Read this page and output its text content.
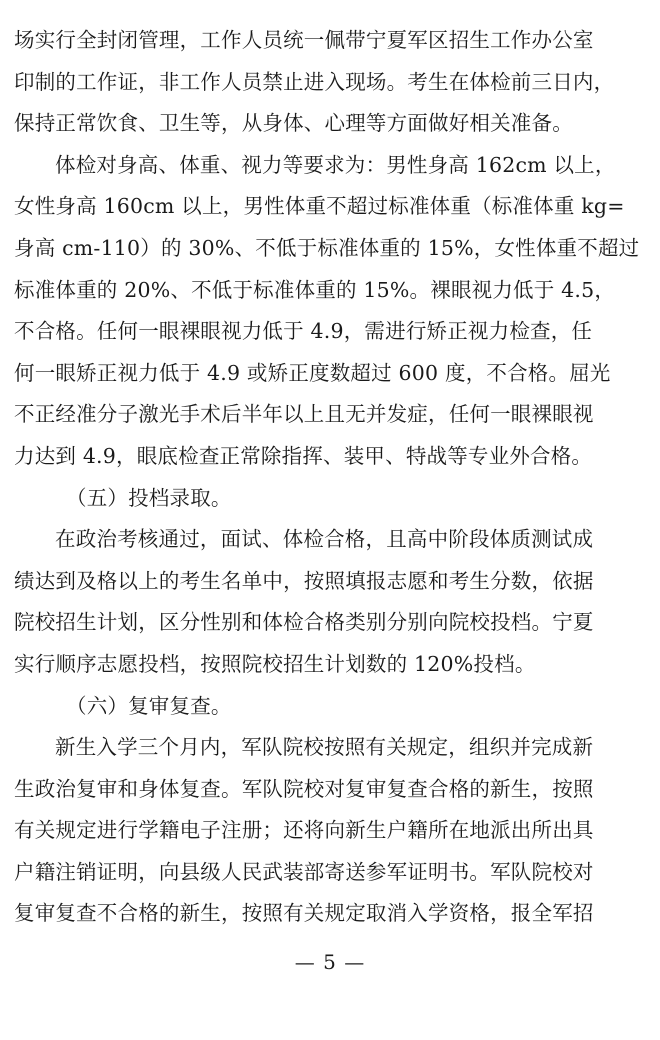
场实行全封闭管理，工作人员统一佩带宁夏军区招生工作办公室
印制的工作证，非工作人员禁止进入现场。考生在体检前三日内，
保持正常饮食、卫生等，从身体、心理等方面做好相关准备。
体检对身高、体重、视力等要求为：男性身高 162cm 以上，
女性身高 160cm 以上，男性体重不超过标准体重（标准体重 kg=
身高 cm-110）的 30%、不低于标准体重的 15%，女性体重不超过
标准体重的 20%、不低于标准体重的 15%。裸眼视力低于 4.5，
不合格。任何一眼裸眼视力低于 4.9，需进行矫正视力检查，任
何一眼矫正视力低于 4.9 或矫正度数超过 600 度，不合格。屈光
不正经准分子激光手术后半年以上且无并发症，任何一眼裸眼视
力达到 4.9，眼底检查正常除指挥、装甲、特战等专业外合格。
（五）投档录取。
在政治考核通过，面试、体检合格，且高中阶段体质测试成
绩达到及格以上的考生名单中，按照填报志愿和考生分数，依据
院校招生计划，区分性别和体检合格类别分别向院校投档。宁夏
实行顺序志愿投档，按照院校招生计划数的 120%投档。
（六）复审复查。
新生入学三个月内，军队院校按照有关规定，组织并完成新
生政治复审和身体复查。军队院校对复审复查合格的新生，按照
有关规定进行学籍电子注册；还将向新生户籍所在地派出所出具
户籍注销证明，向县级人民武装部寄送参军证明书。军队院校对
复审复查不合格的新生，按照有关规定取消入学资格，报全军招
— 5 —
